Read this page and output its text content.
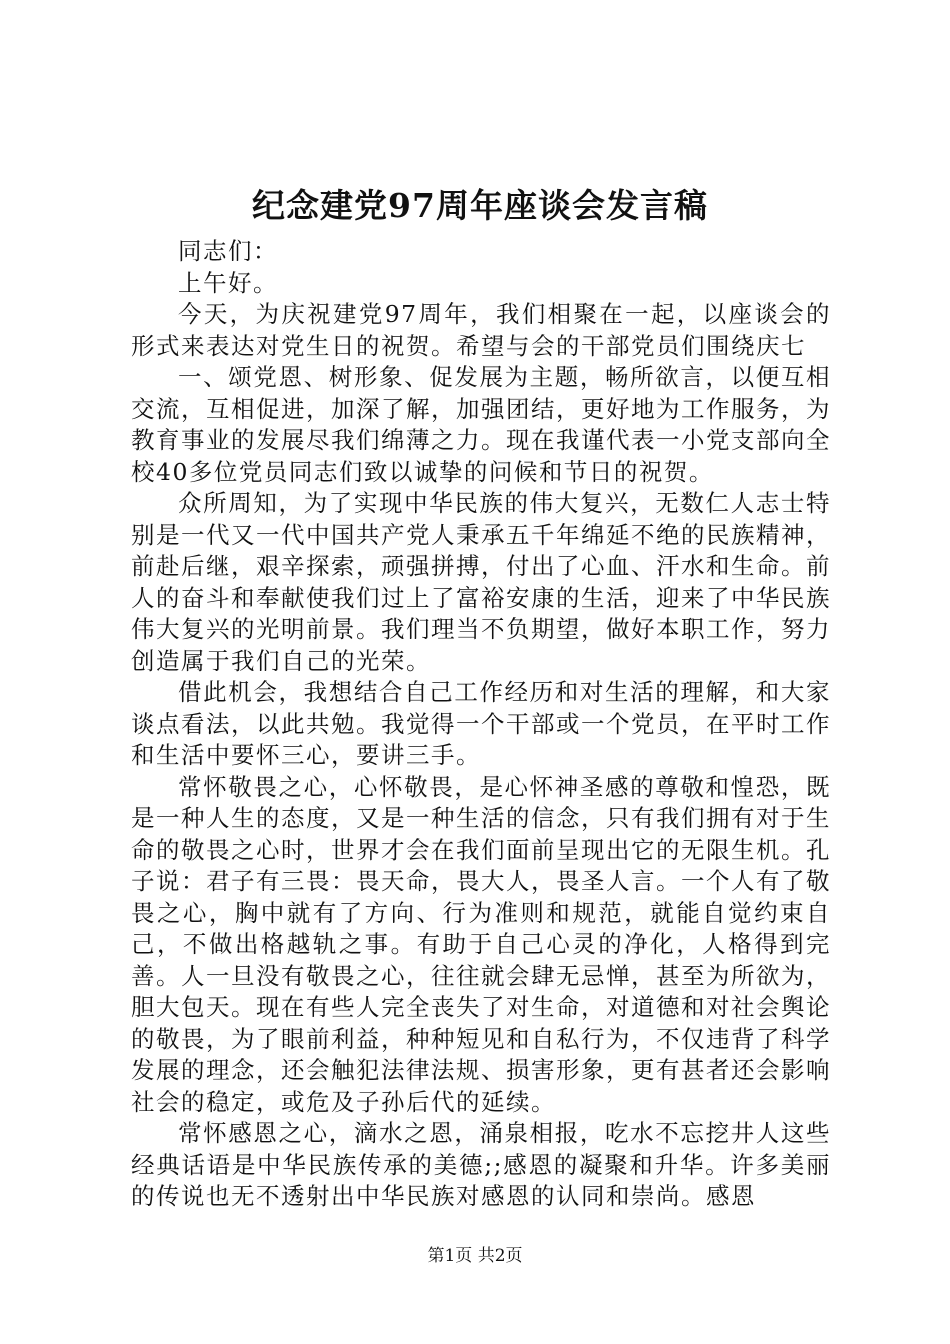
纪念建党97周年座谈会发言稿

同志们：

上午好。

今天，为庆祝建党97周年，我们相聚在一起，以座谈会的形式来表达对党生日的祝贺。希望与会的干部党员们围绕庆七

一、颂党恩、树形象、促发展为主题，畅所欲言，以便互相交流，互相促进，加深了解，加强团结，更好地为工作服务，为教育事业的发展尽我们绵薄之力。现在我谨代表一小党支部向全校40多位党员同志们致以诚挚的问候和节日的祝贺。

众所周知，为了实现中华民族的伟大复兴，无数仁人志士特别是一代又一代中国共产党人秉承五千年绵延不绝的民族精神，前赴后继，艰辛探索，顽强拼搏，付出了心血、汗水和生命。前人的奋斗和奉献使我们过上了富裕安康的生活，迎来了中华民族伟大复兴的光明前景。我们理当不负期望，做好本职工作，努力创造属于我们自己的光荣。

借此机会，我想结合自己工作经历和对生活的理解，和大家谈点看法，以此共勉。我觉得一个干部或一个党员，在平时工作和生活中要怀三心，要讲三手。

常怀敬畏之心，心怀敬畏，是心怀神圣感的尊敬和惶恐，既是一种人生的态度，又是一种生活的信念，只有我们拥有对于生命的敬畏之心时，世界才会在我们面前呈现出它的无限生机。孔子说：君子有三畏：畏天命，畏大人，畏圣人言。一个人有了敬畏之心，胸中就有了方向、行为准则和规范，就能自觉约束自己，不做出格越轨之事。有助于自己心灵的净化，人格得到完善。人一旦没有敬畏之心，往往就会肆无忌惮，甚至为所欲为，胆大包天。现在有些人完全丧失了对生命，对道德和对社会舆论的敬畏，为了眼前利益，种种短见和自私行为，不仅违背了科学发展的理念，还会触犯法律法规、损害形象，更有甚者还会影响社会的稳定，或危及子孙后代的延续。

常怀感恩之心，滴水之恩，涌泉相报，吃水不忘挖井人这些经典话语是中华民族传承的美德;;感恩的凝聚和升华。许多美丽的传说也无不透射出中华民族对感恩的认同和崇尚。感恩

第1页 共2页
